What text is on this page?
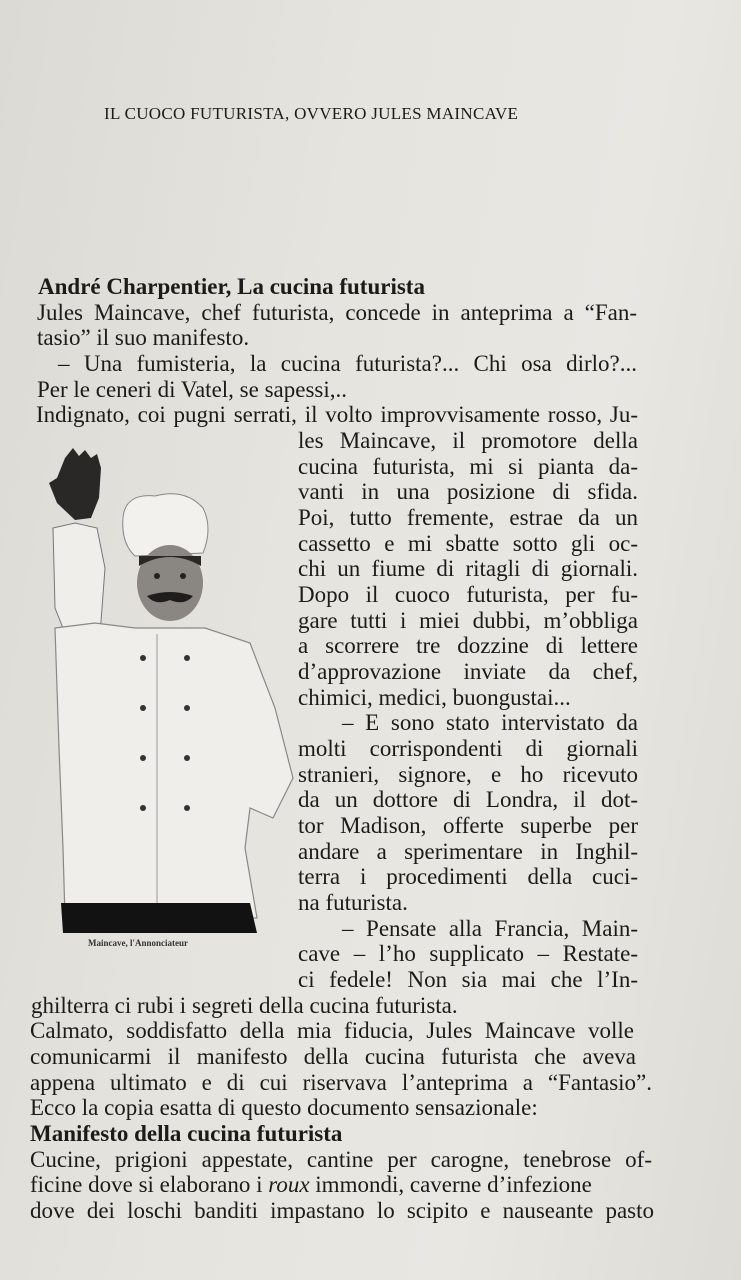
IL CUOCO FUTURISTA, OVVERO JULES MAINCAVE
André Charpentier, La cucina futurista
Jules Maincave, chef futurista, concede in anteprima a “Fan-
tasio” il suo manifesto.
– Una fumisteria, la cucina futurista?... Chi osa dirlo?...
Per le ceneri di Vatel, se sapessi,..
Indignato, coi pugni serrati, il volto improvvisamente rosso, Ju-
les Maincave, il promotore della
cucina futurista, mi si pianta da-
vanti in una posizione di sfida.
Poi, tutto fremente, estrae da un
cassetto e mi sbatte sotto gli oc-
chi un fiume di ritagli di giornali.
Dopo il cuoco futurista, per fu-
gare tutti i miei dubbi, m’obbliga
a scorrere tre dozzine di lettere
d’approvazione inviate da chef,
chimici, medici, buongustai...
– E sono stato intervistato da
molti corrispondenti di giornali
stranieri, signore, e ho ricevuto
da un dottore di Londra, il dot-
tor Madison, offerte superbe per
andare a sperimentare in Inghil-
terra i procedimenti della cuci-
na futurista.
– Pensate alla Francia, Main-
cave – l’ho supplicato – Restate-
ci fedele! Non sia mai che l’In-
ghilterra ci rubi i segreti della cucina futurista.
Calmato, soddisfatto della mia fiducia, Jules Maincave volle
comunicarmi il manifesto della cucina futurista che aveva
appena ultimato e di cui riservava l’anteprima a “Fantasio”.
Ecco la copia esatta di questo documento sensazionale:
Manifesto della cucina futurista
Cucine, prigioni appestate, cantine per carogne, tenebrose of-
ficine dove si elaborano i roux immondi, caverne d’infezione
dove dei loschi banditi impastano lo scipito e nauseante pasto
Maincave, l'Annonciateur
